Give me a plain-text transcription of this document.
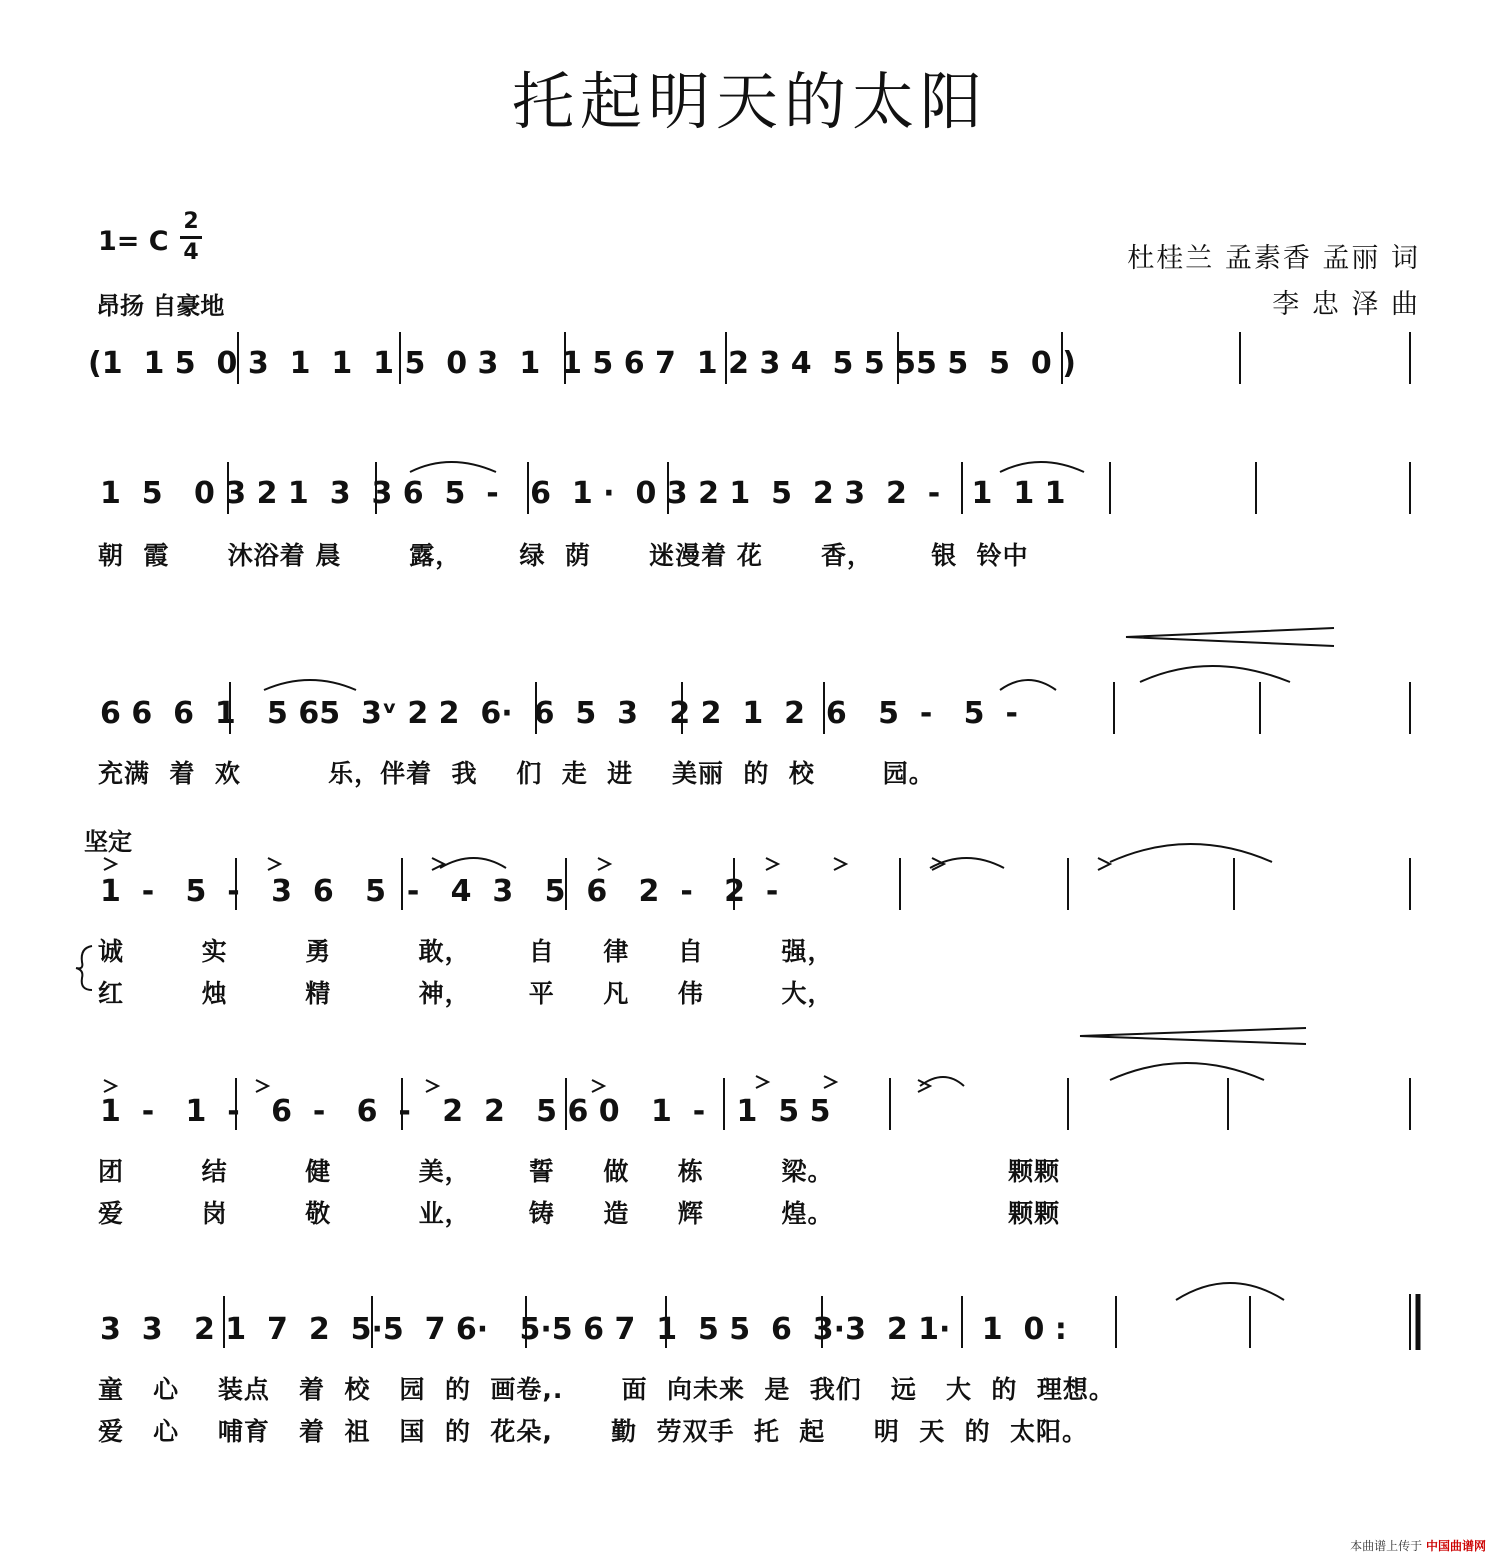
托起明天的太阳
1= C
2
4
昂扬 自豪地
杜桂兰 孟素香 孟丽 词
李 忠 泽 曲
(1  1 5  0 3  1  1  1 5  0 3  1  1 5 6 7  1 2 3 4  5 5 55 5  5  0 )
1  5   0 3 2 1  3  3 6  5  -   6  1 ·  0 3 2 1  5  2 3  2  -   1  1 1
朝  霞      沐浴着 晨       露，      绿  荫      迷漫着 花      香，      银  铃中
6 6  6  1   5 65  3ᵛ 2 2  6·  6  5  3   2 2  1  2  6   5  -   5  -
充满  着  欢         乐，伴着  我    们  走  进    美丽  的  校       园。
坚定
1  -   5  -   3  6   5  -   4  3   5  6   2  -   2  -
诚        实        勇         敢，      自     律     自        强，
红        烛        精         神，      平     凡     伟        大，
1  -   1  -   6  -   6  -   2  2   5 6 0   1  -   1  5 5
团        结        健         美，      誓     做     栋        梁。                  颗颗
爱        岗        敬         业，      铸     造     辉        煌。                  颗颗
3  3   2 1  7  2  5·5  7 6·   5·5 6 7  1  5 5  6  3·3  2 1·   1  0 :
童   心    装点   着  校   园  的  画卷,.      面  向未来  是  我们   远   大  的  理想。
爱   心    哺育   着  祖   国  的  花朵,      勤  劳双手  托  起     明  天  的  太阳。
本曲谱上传于 中国曲谱网
